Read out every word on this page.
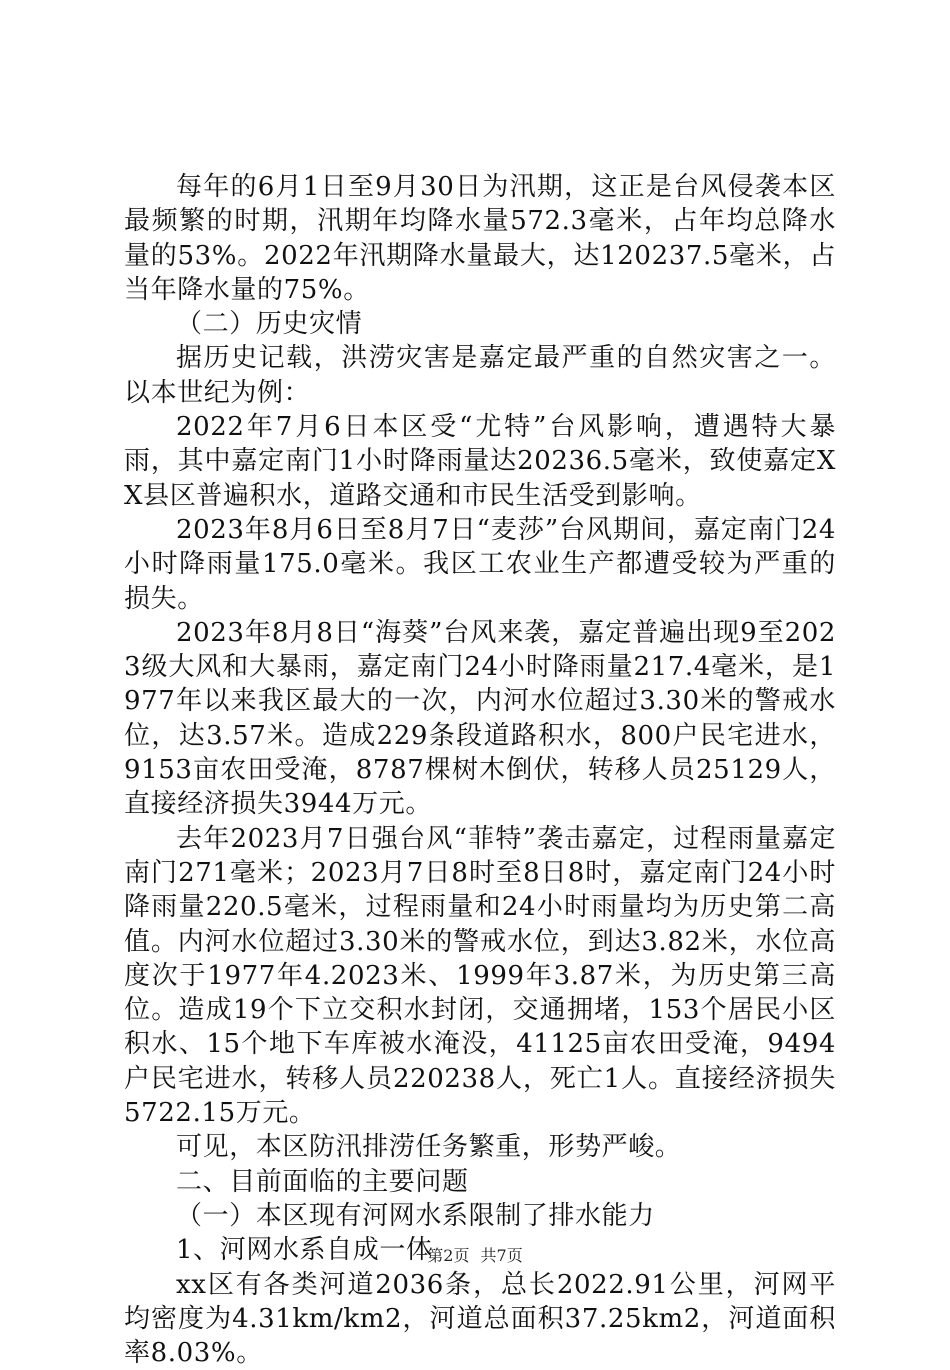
每年的6月1日至9月30日为汛期，这正是台风侵袭本区最频繁的时期，汛期年均降水量572.3毫米，占年均总降水量的53%。2022年汛期降水量最大，达120237.5毫米，占当年降水量的75%。

（二）历史灾情

据历史记载，洪涝灾害是嘉定最严重的自然灾害之一。以本世纪为例：

2022年7月6日本区受“尤特”台风影响，遭遇特大暴雨，其中嘉定南门1小时降雨量达20236.5毫米，致使嘉定XX县区普遍积水，道路交通和市民生活受到影响。

2023年8月6日至8月7日“麦莎”台风期间，嘉定南门24小时降雨量175.0毫米。我区工农业生产都遭受较为严重的损失。

2023年8月8日“海葵”台风来袭，嘉定普遍出现9至2023级大风和大暴雨，嘉定南门24小时降雨量217.4毫米，是1977年以来我区最大的一次，内河水位超过3.30米的警戒水位，达3.57米。造成229条段道路积水，800户民宅进水，9153亩农田受淹，8787棵树木倒伏，转移人员25129人，直接经济损失3944万元。

去年2023月7日强台风“菲特”袭击嘉定，过程雨量嘉定南门271毫米；2023月7日8时至8日8时，嘉定南门24小时降雨量220.5毫米，过程雨量和24小时雨量均为历史第二高值。内河水位超过3.30米的警戒水位，到达3.82米，水位高度次于1977年4.2023米、1999年3.87米，为历史第三高位。造成19个下立交积水封闭，交通拥堵，153个居民小区积水、15个地下车库被水淹没，41125亩农田受淹，9494户民宅进水，转移人员220238人，死亡1人。直接经济损失5722.15万元。

可见，本区防汛排涝任务繁重，形势严峻。

二、目前面临的主要问题

（一）本区现有河网水系限制了排水能力

1、河网水系自成一体

xx区有各类河道2036条，总长2022.91公里，河网平均密度为4.31km/km2，河道总面积37.25km2，河道面积率8.03%。

第2页 共7页
